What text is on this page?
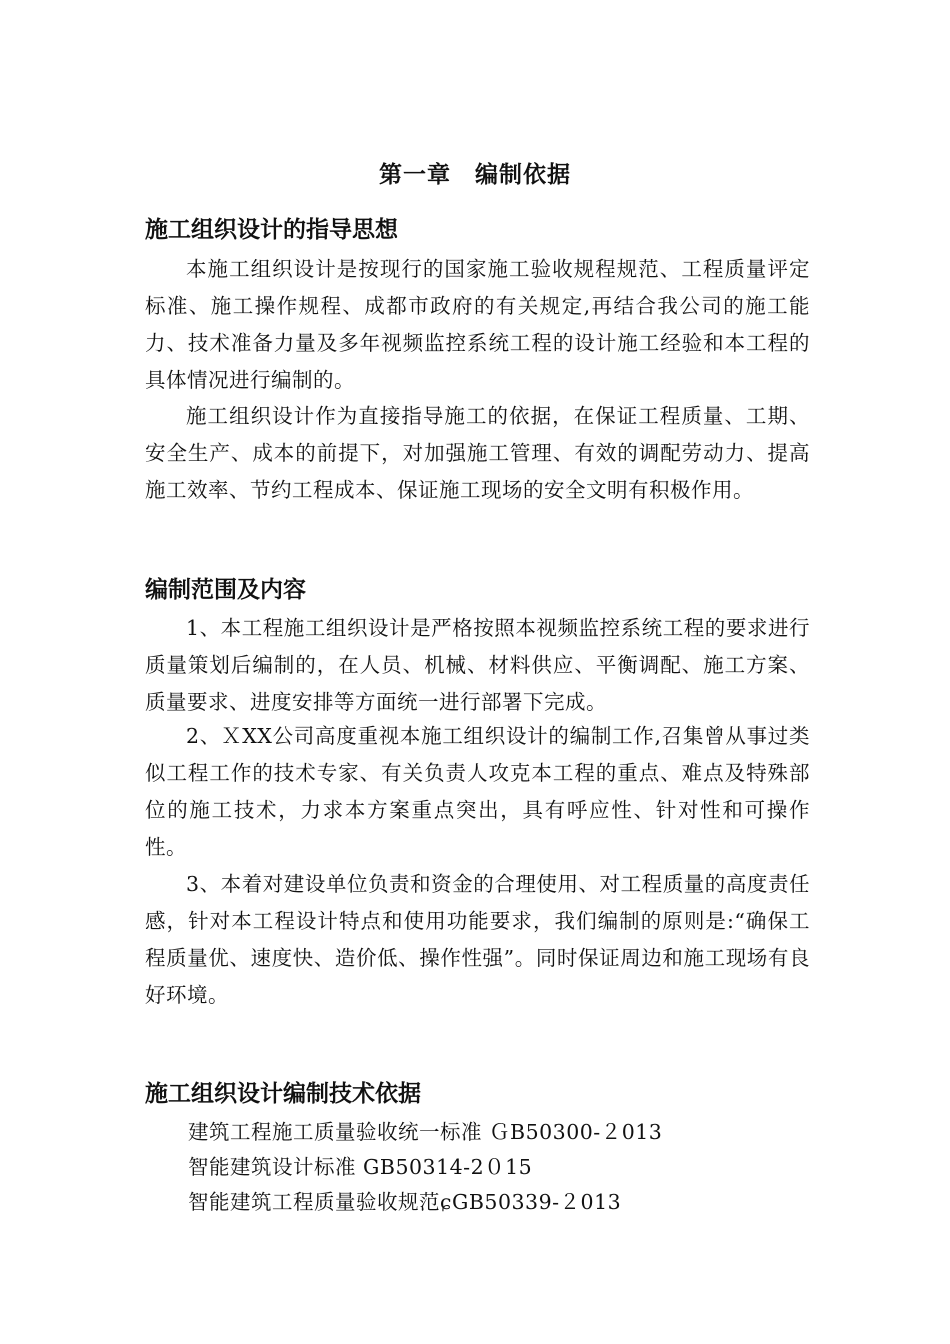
第一章　编制依据
施工组织设计的指导思想

本施工组织设计是按现行的国家施工验收规程规范、工程质量评定标准、施工操作规程、成都市政府的有关规定,再结合我公司的施工能力、技术准备力量及多年视频监控系统工程的设计施工经验和本工程的具体情况进行编制的。

施工组织设计作为直接指导施工的依据，在保证工程质量、工期、安全生产、成本的前提下，对加强施工管理、有效的调配劳动力、提高施工效率、节约工程成本、保证施工现场的安全文明有积极作用。

编制范围及内容

1、本工程施工组织设计是严格按照本视频监控系统工程的要求进行质量策划后编制的，在人员、机械、材料供应、平衡调配、施工方案、质量要求、进度安排等方面统一进行部署下完成。

2、ＸXX公司高度重视本施工组织设计的编制工作,召集曾从事过类似工程工作的技术专家、有关负责人攻克本工程的重点、难点及特殊部位的施工技术，力求本方案重点突出，具有呼应性、针对性和可操作性。

3、本着对建设单位负责和资金的合理使用、对工程质量的高度责任感，针对本工程设计特点和使用功能要求，我们编制的原则是:“确保工程质量优、速度快、造价低、操作性强”。同时保证周边和施工现场有良好环境。

施工组织设计编制技术依据

建筑工程施工质量验收统一标准 ＧB50300-２013

智能建筑设计标准 GB50314-2０15

智能建筑工程质量验收规范ɕGB50339-２013
